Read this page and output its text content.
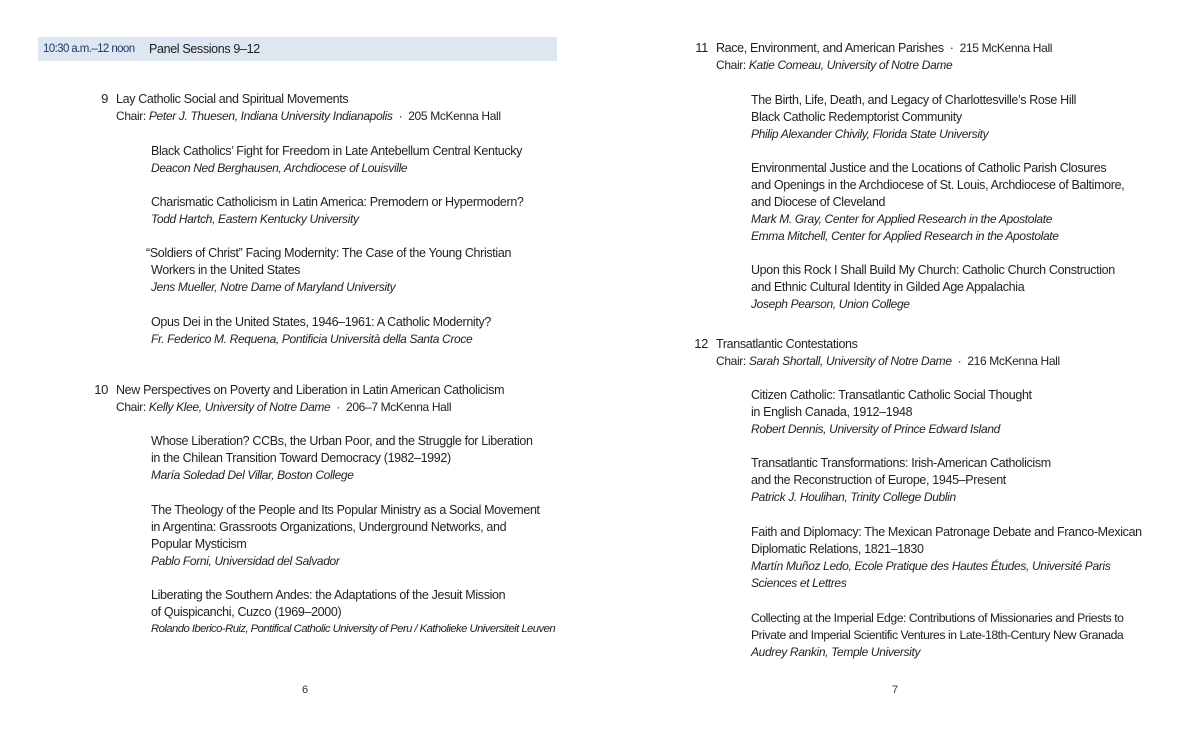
10:30 a.m.–12 noon Panel Sessions 9–12
9 Lay Catholic Social and Spiritual Movements
Chair: Peter J. Thuesen, Indiana University Indianapolis · 205 McKenna Hall
Black Catholics’ Fight for Freedom in Late Antebellum Central Kentucky
Deacon Ned Berghausen, Archdiocese of Louisville
Charismatic Catholicism in Latin America: Premodern or Hypermodern?
Todd Hartch, Eastern Kentucky University
“Soldiers of Christ” Facing Modernity: The Case of the Young Christian
Workers in the United States
Jens Mueller, Notre Dame of Maryland University
Opus Dei in the United States, 1946–1961: A Catholic Modernity?
Fr. Federico M. Requena, Pontificia Università della Santa Croce
10 New Perspectives on Poverty and Liberation in Latin American Catholicism
Chair: Kelly Klee, University of Notre Dame · 206–7 McKenna Hall
Whose Liberation? CCBs, the Urban Poor, and the Struggle for Liberation
in the Chilean Transition Toward Democracy (1982–1992)
María Soledad Del Villar, Boston College
The Theology of the People and Its Popular Ministry as a Social Movement
in Argentina: Grassroots Organizations, Underground Networks, and
Popular Mysticism
Pablo Forni, Universidad del Salvador
Liberating the Southern Andes: the Adaptations of the Jesuit Mission
of Quispicanchi, Cuzco (1969–2000)
Rolando Iberico-Ruiz, Pontifical Catholic University of Peru / Katholieke Universiteit Leuven
6
11 Race, Environment, and American Parishes · 215 McKenna Hall
Chair: Katie Comeau, University of Notre Dame
The Birth, Life, Death, and Legacy of Charlottesville’s Rose Hill
Black Catholic Redemptorist Community
Philip Alexander Chivily, Florida State University
Environmental Justice and the Locations of Catholic Parish Closures
and Openings in the Archdiocese of St. Louis, Archdiocese of Baltimore,
and Diocese of Cleveland
Mark M. Gray, Center for Applied Research in the Apostolate
Emma Mitchell, Center for Applied Research in the Apostolate
Upon this Rock I Shall Build My Church: Catholic Church Construction
and Ethnic Cultural Identity in Gilded Age Appalachia
Joseph Pearson, Union College
12 Transatlantic Contestations
Chair: Sarah Shortall, University of Notre Dame · 216 McKenna Hall
Citizen Catholic: Transatlantic Catholic Social Thought
in English Canada, 1912–1948
Robert Dennis, University of Prince Edward Island
Transatlantic Transformations: Irish-American Catholicism
and the Reconstruction of Europe, 1945–Present
Patrick J. Houlihan, Trinity College Dublin
Faith and Diplomacy: The Mexican Patronage Debate and Franco-Mexican
Diplomatic Relations, 1821–1830
Martín Muñoz Ledo, Ecole Pratique des Hautes Études, Université Paris
Sciences et Lettres
Collecting at the Imperial Edge: Contributions of Missionaries and Priests to
Private and Imperial Scientific Ventures in Late-18th-Century New Granada
Audrey Rankin, Temple University
7
